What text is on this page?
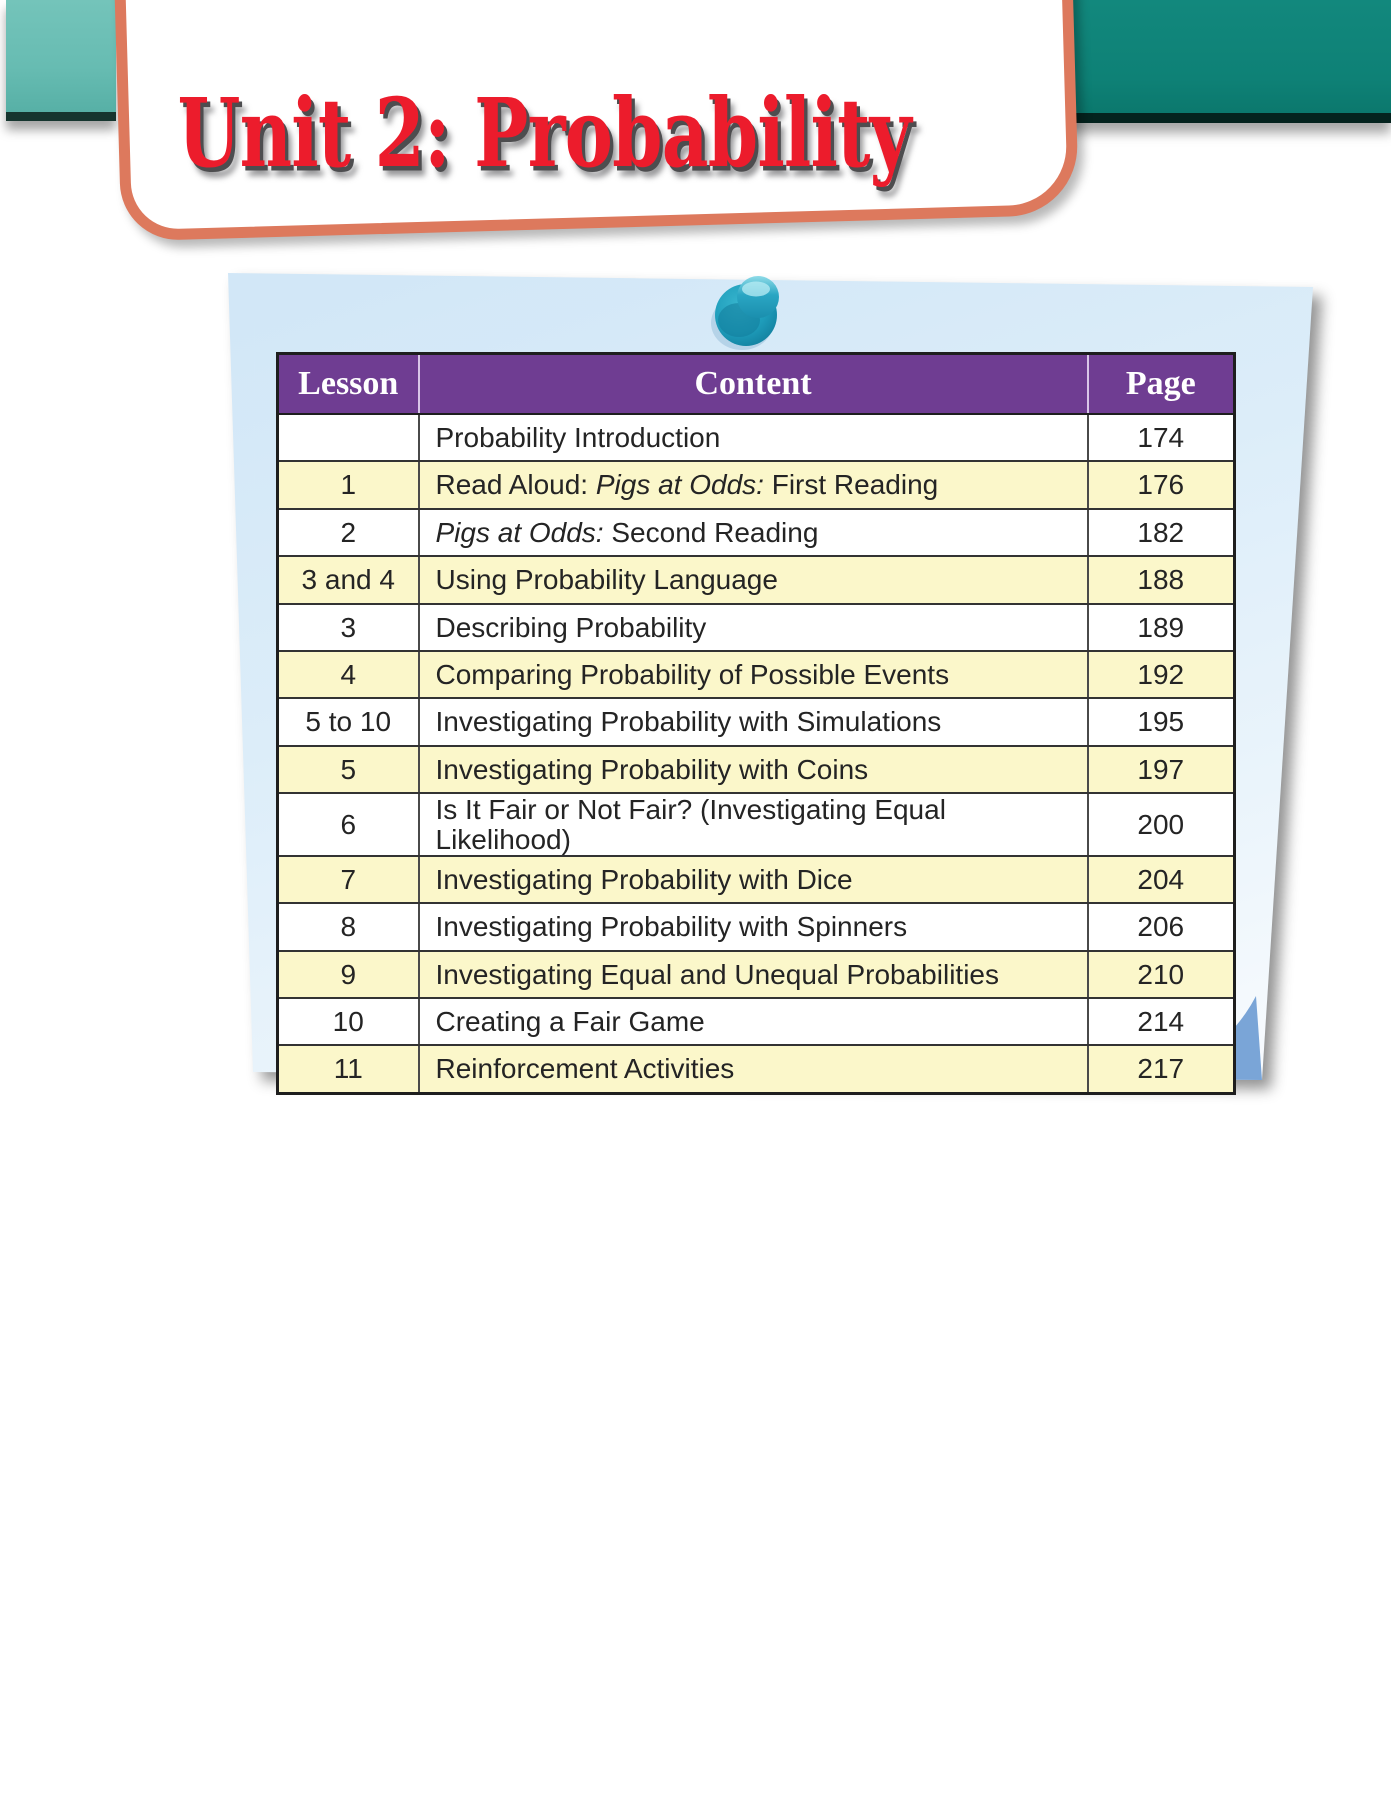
Unit 2: Probability
Lesson	Content	Page
	Probability Introduction	174
1	Read Aloud: Pigs at Odds: First Reading	176
2	Pigs at Odds: Second Reading	182
3 and 4	Using Probability Language	188
3	Describing Probability	189
4	Comparing Probability of Possible Events	192
5 to 10	Investigating Probability with Simulations	195
5	Investigating Probability with Coins	197
6	Is It Fair or Not Fair? (Investigating Equal Likelihood)	200
7	Investigating Probability with Dice	204
8	Investigating Probability with Spinners	206
9	Investigating Equal and Unequal Probabilities	210
10	Creating a Fair Game	214
11	Reinforcement Activities	217
